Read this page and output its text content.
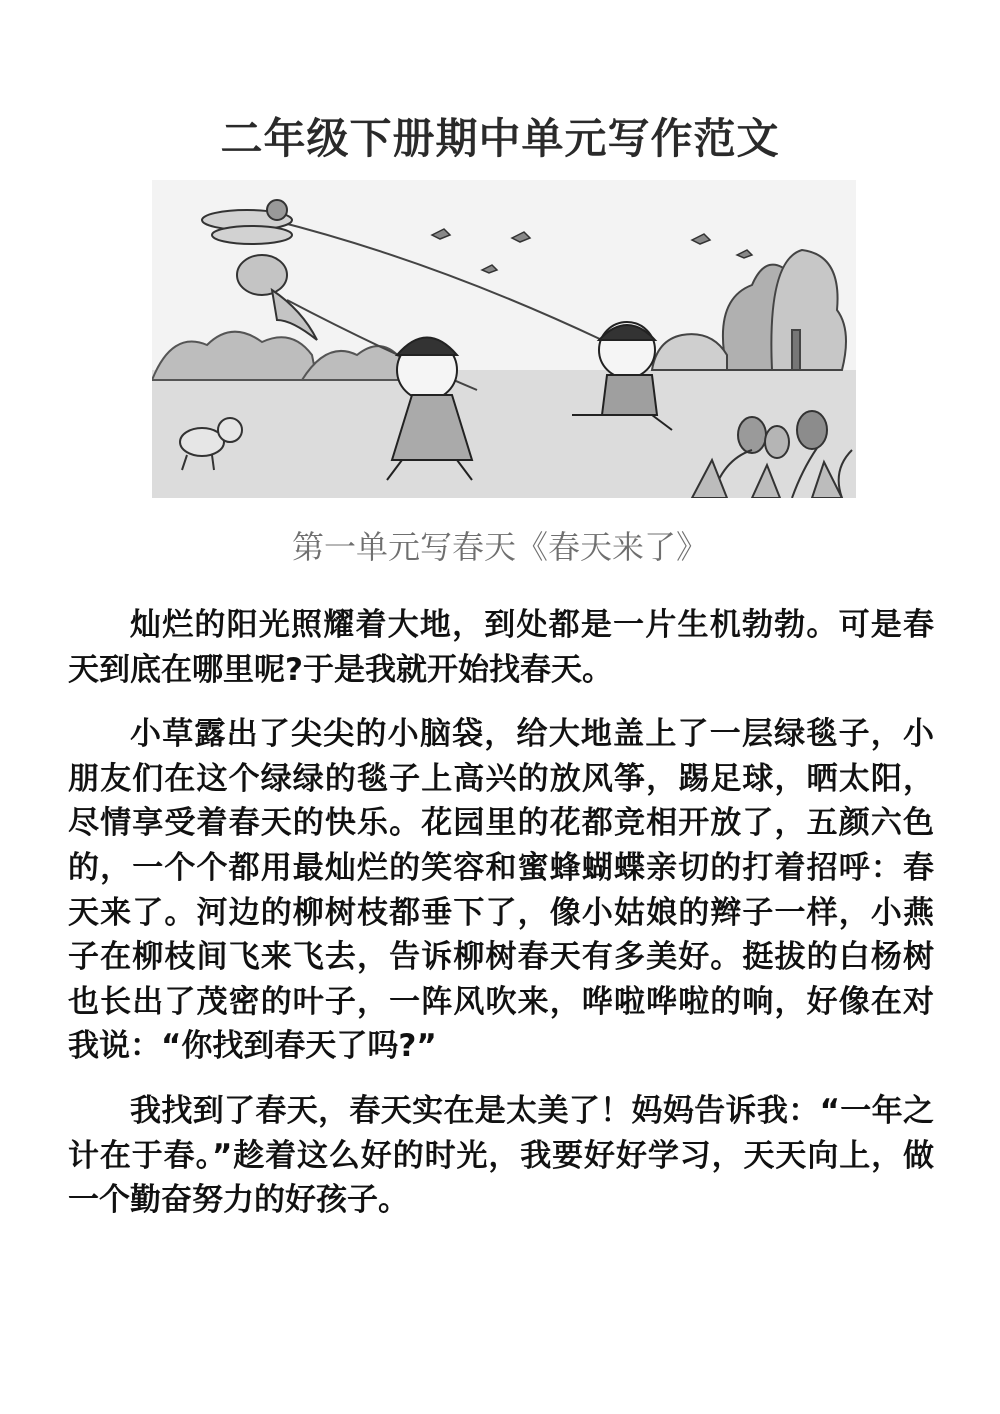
二年级下册期中单元写作范文
第一单元写春天《春天来了》

灿烂的阳光照耀着大地，到处都是一片生机勃勃。可是春天到底在哪里呢?于是我就开始找春天。

小草露出了尖尖的小脑袋，给大地盖上了一层绿毯子，小朋友们在这个绿绿的毯子上高兴的放风筝，踢足球，晒太阳，尽情享受着春天的快乐。花园里的花都竞相开放了，五颜六色的，一个个都用最灿烂的笑容和蜜蜂蝴蝶亲切的打着招呼：春天来了。河边的柳树枝都垂下了，像小姑娘的辫子一样，小燕子在柳枝间飞来飞去，告诉柳树春天有多美好。挺拔的白杨树也长出了茂密的叶子，一阵风吹来，哗啦哗啦的响，好像在对我说：“你找到春天了吗?”

我找到了春天，春天实在是太美了！妈妈告诉我：“一年之计在于春。”趁着这么好的时光，我要好好学习，天天向上，做一个勤奋努力的好孩子。
